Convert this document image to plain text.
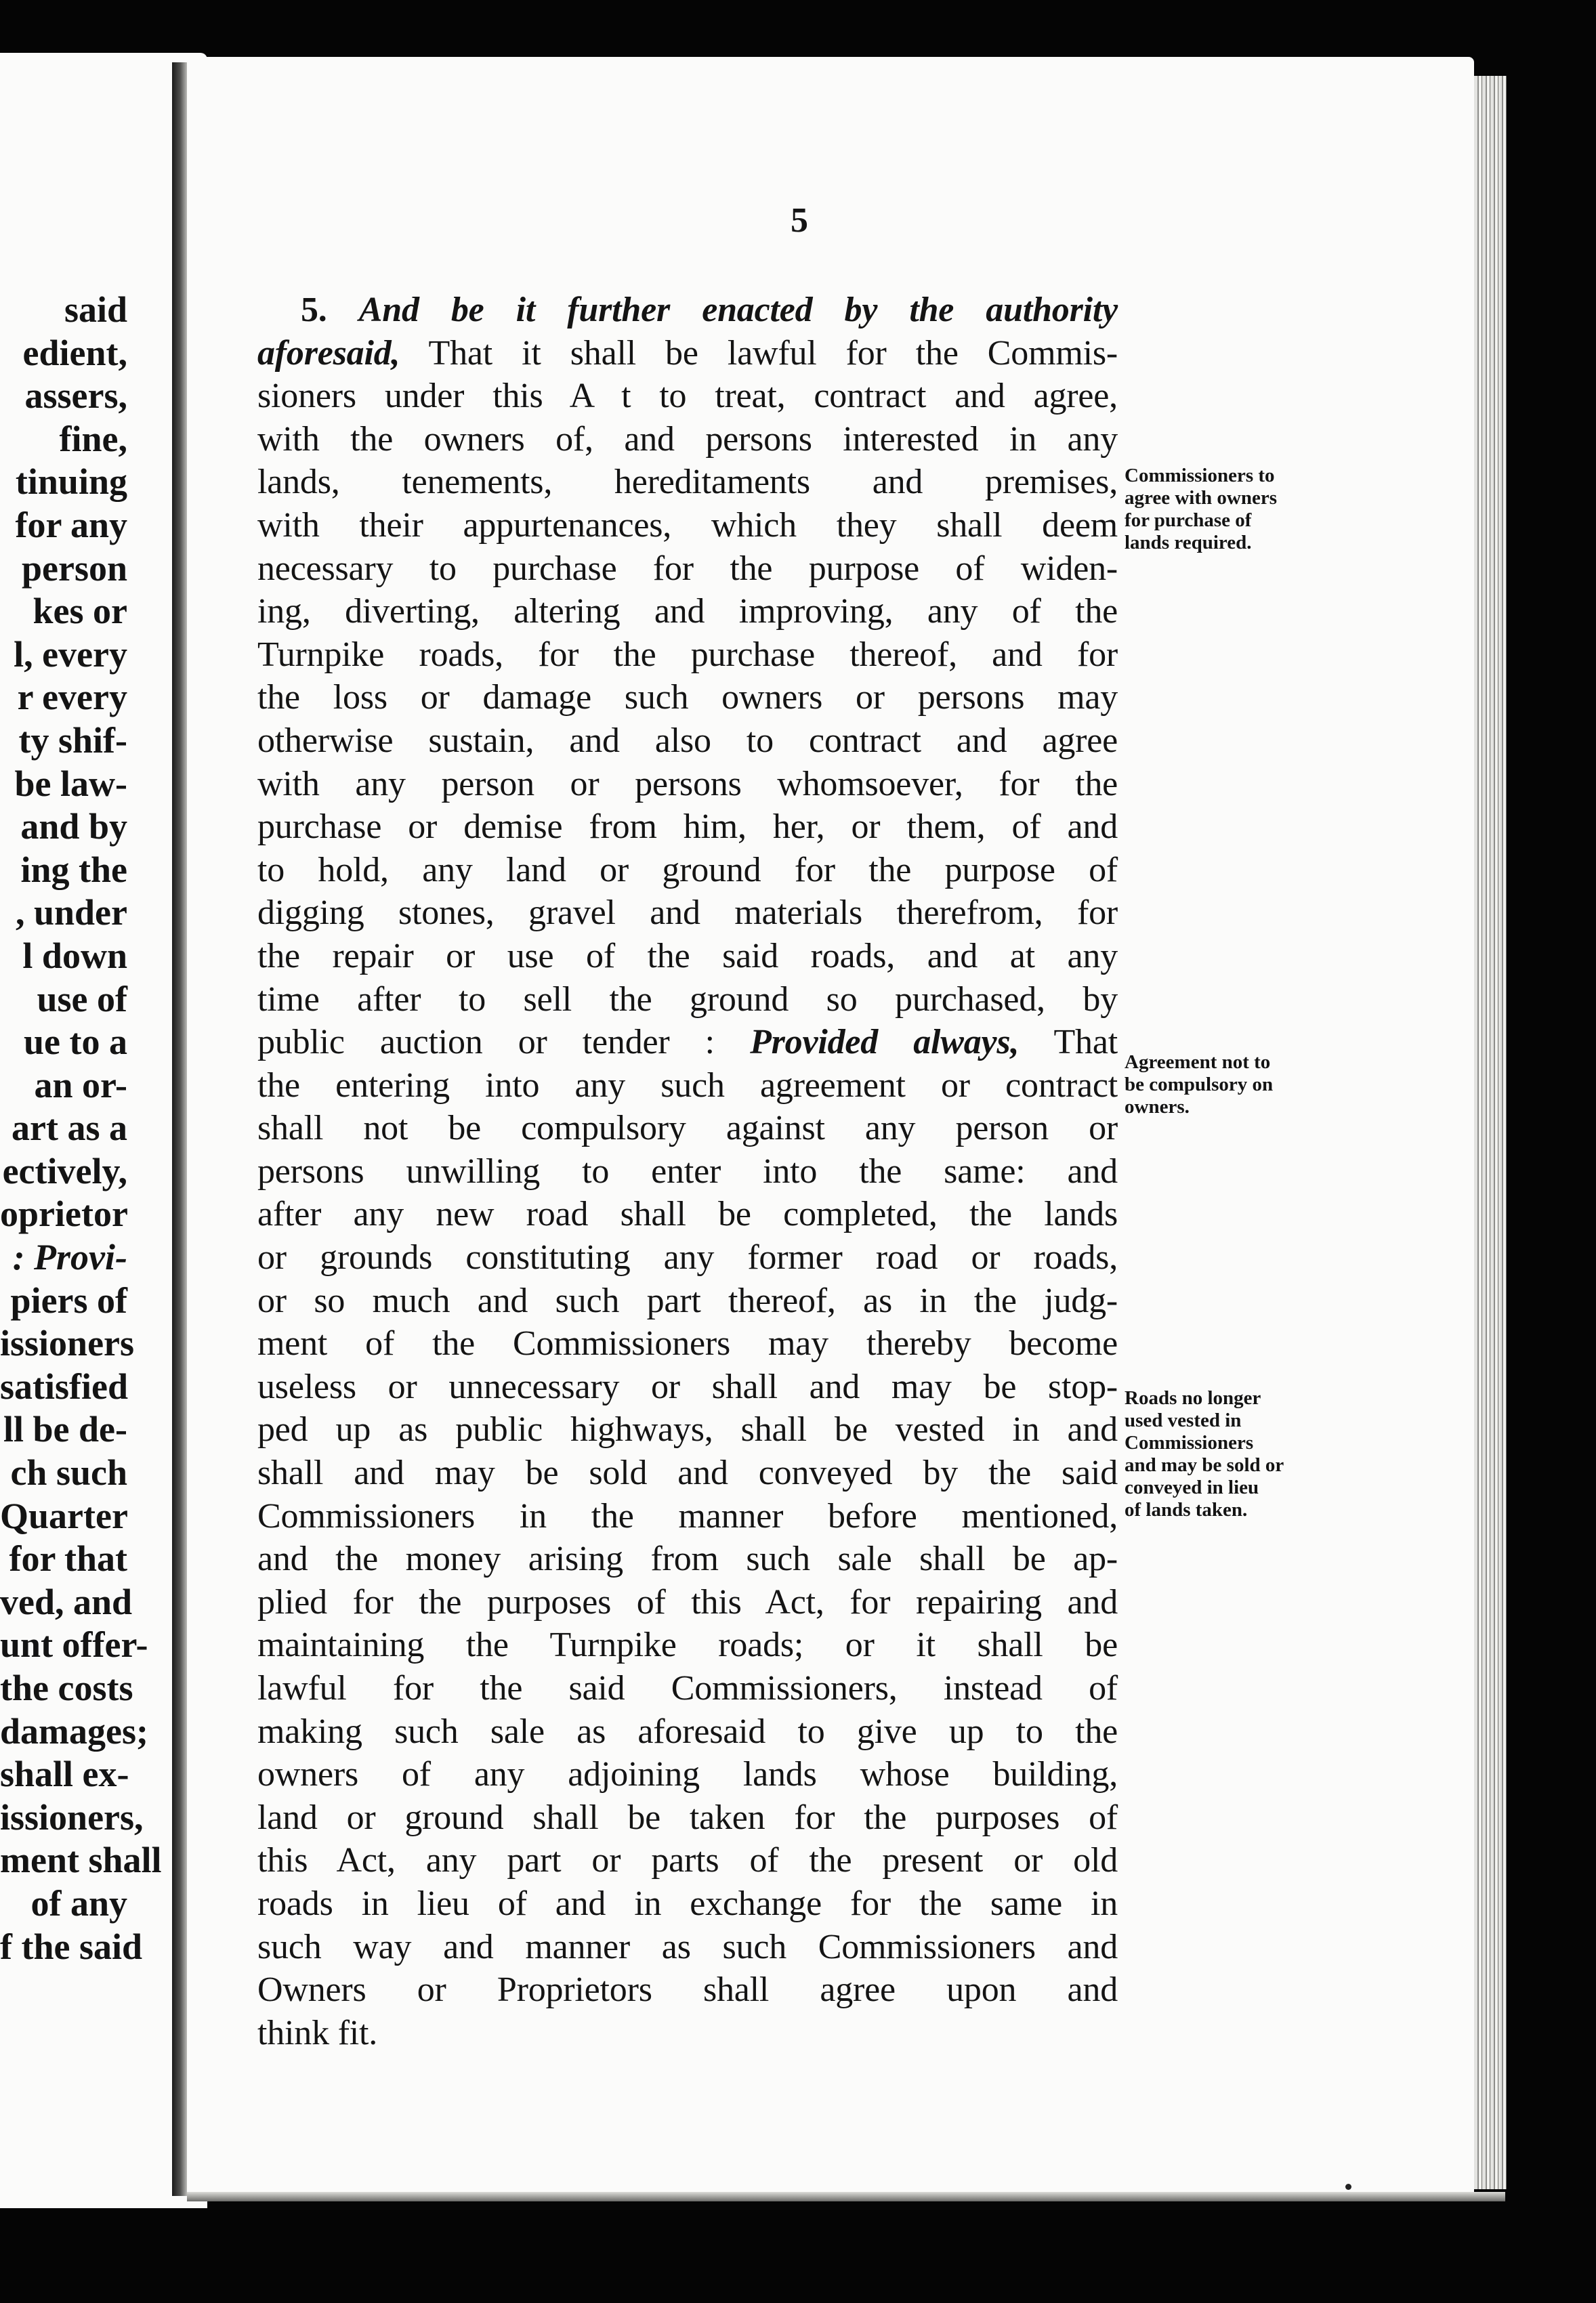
said
edient,
assers,
fine,
tinuing
for any
person
kes or
l, every
r every
ty shif-
be law-
and by
ing the
, under
l down
use of
ue to a
an or-
art as a
ectively,
oprietor
: Provi-
piers of
issioners
satisfied
ll be de-
ch such
Quarter
for that
ved, and
unt offer-
the costs
damages;
shall ex-
issioners,
ment shall
of any
f the said
5
5. And be it further enacted by the authority
aforesaid, That it shall be lawful for the Commis-
sioners under this A t to treat, contract and agree,
with the owners of, and persons interested in any
lands, tenements, hereditaments and premises,
with their appurtenances, which they shall deem
necessary to purchase for the purpose of widen-
ing, diverting, altering and improving, any of the
Turnpike roads, for the purchase thereof, and for
the loss or damage such owners or persons may
otherwise sustain, and also to contract and agree
with any person or persons whomsoever, for the
purchase or demise from him, her, or them, of and
to hold, any land or ground for the purpose of
digging stones, gravel and materials therefrom, for
the repair or use of the said roads, and at any
time after to sell the ground so purchased, by
public auction or tender : Provided always, That
the entering into any such agreement or contract
shall not be compulsory against any person or
persons unwilling to enter into the same: and
after any new road shall be completed, the lands
or grounds constituting any former road or roads,
or so much and such part thereof, as in the judg-
ment of the Commissioners may thereby become
useless or unnecessary or shall and may be stop-
ped up as public highways, shall be vested in and
shall and may be sold and conveyed by the said
Commissioners in the manner before mentioned,
and the money arising from such sale shall be ap-
plied for the purposes of this Act, for repairing and
maintaining the Turnpike roads; or it shall be
lawful for the said Commissioners, instead of
making such sale as aforesaid to give up to the
owners of any adjoining lands whose building,
land or ground shall be taken for the purposes of
this Act, any part or parts of the present or old
roads in lieu of and in exchange for the same in
such way and manner as such Commissioners and
Owners or Proprietors shall agree upon and
think fit.
Commissioners to
agree with owners
for purchase of
lands required.
Agreement not to
be compulsory on
owners.
Roads no longer
used vested in
Commissioners
and may be sold or
conveyed in lieu
of lands taken.
